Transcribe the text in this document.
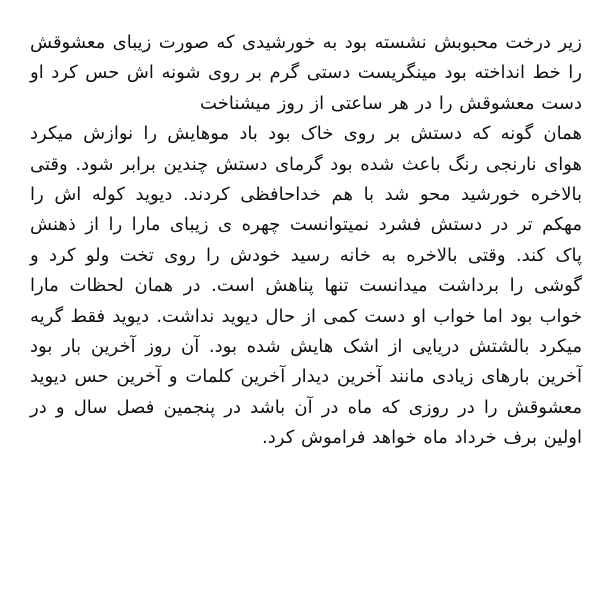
زیر درخت محبوبش نشسته بود به خورشیدی که صورت زیبای معشوقش را خط انداخته بود مینگریست دستی گرم بر روی شونه اش حس کرد او دست معشوقش را در هر ساعتی از روز میشناخت

همان گونه که دستش بر روی خاک بود باد موهایش را نوازش میکرد هوای نارنجی رنگ باعث شده بود گرمای دستش چندین برابر شود. وقتی بالاخره خورشید محو شد با هم خداحافظی کردند. دیوید کوله اش را مهکم تر در دستش فشرد نمیتوانست چهره ی زیبای مارا را از ذهنش پاک کند. وقتی بالاخره به خانه رسید خودش را روی تخت ولو کرد و گوشی را برداشت میدانست تنها پناهش است. در همان لحظات مارا خواب بود اما خواب او دست کمی از حال دیوید نداشت. دیوید فقط گریه میکرد بالشتش دریایی از اشک هایش شده بود. آن روز آخرین بار بود آخرین بارهای زیادی مانند آخرین دیدار آخرین کلمات و آخرین حس دیوید معشوقش را در روزی که ماه در آن باشد در پنجمین فصل سال و در اولین برف خرداد ماه خواهد فراموش کرد.
